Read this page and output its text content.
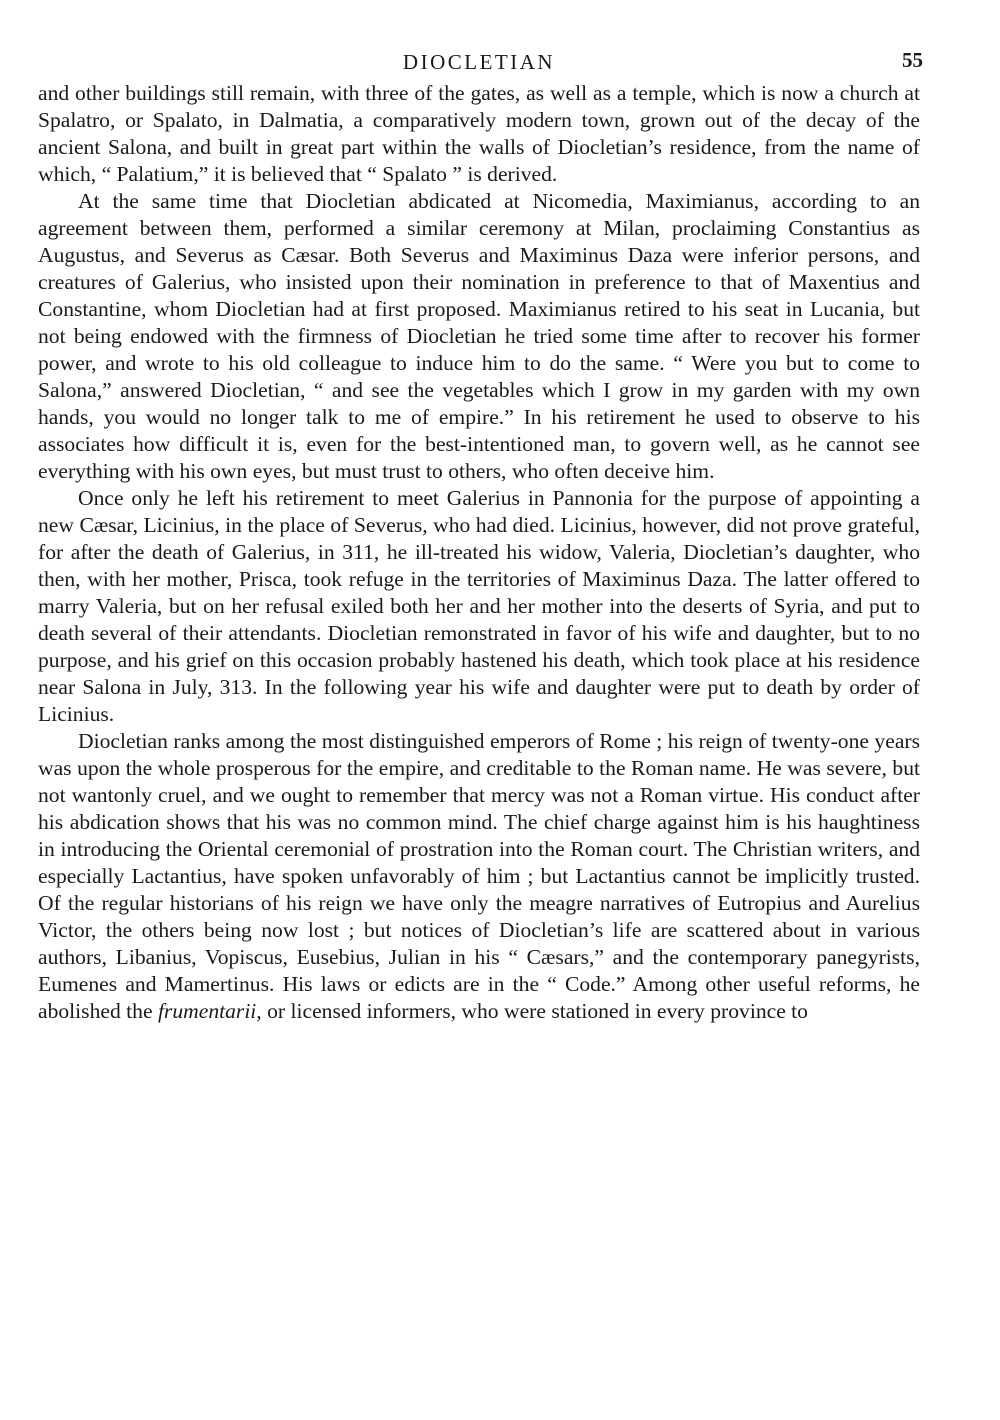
DIOCLETIAN	55

and other buildings still remain, with three of the gates, as well as a temple, which is now a church at Spalatro, or Spalato, in Dalmatia, a comparatively modern town, grown out of the decay of the ancient Salona, and built in great part within the walls of Diocletian’s residence, from the name of which, “ Palatium,” it is believed that “ Spalato ” is derived.

At the same time that Diocletian abdicated at Nicomedia, Maximianus, according to an agreement between them, performed a similar ceremony at Milan, proclaiming Constantius as Augustus, and Severus as Cæsar. Both Severus and Maximinus Daza were inferior persons, and creatures of Galerius, who insisted upon their nomination in preference to that of Maxentius and Constantine, whom Diocletian had at first proposed. Maximianus retired to his seat in Lucania, but not being endowed with the firmness of Diocletian he tried some time after to recover his former power, and wrote to his old colleague to induce him to do the same. “ Were you but to come to Salona,” answered Diocletian, “ and see the vegetables which I grow in my garden with my own hands, you would no longer talk to me of empire.” In his retirement he used to observe to his associates how difficult it is, even for the best-intentioned man, to govern well, as he cannot see everything with his own eyes, but must trust to others, who often deceive him.

Once only he left his retirement to meet Galerius in Pannonia for the purpose of appointing a new Cæsar, Licinius, in the place of Severus, who had died. Licinius, however, did not prove grateful, for after the death of Galerius, in 311, he ill-treated his widow, Valeria, Diocletian’s daughter, who then, with her mother, Prisca, took refuge in the territories of Maximinus Daza. The latter offered to marry Valeria, but on her refusal exiled both her and her mother into the deserts of Syria, and put to death several of their attendants. Diocletian remonstrated in favor of his wife and daughter, but to no purpose, and his grief on this occasion probably hastened his death, which took place at his residence near Salona in July, 313. In the following year his wife and daughter were put to death by order of Licinius.

Diocletian ranks among the most distinguished emperors of Rome ; his reign of twenty-one years was upon the whole prosperous for the empire, and creditable to the Roman name. He was severe, but not wantonly cruel, and we ought to remember that mercy was not a Roman virtue. His conduct after his abdication shows that his was no common mind. The chief charge against him is his haughtiness in introducing the Oriental ceremonial of prostration into the Roman court. The Christian writers, and especially Lactantius, have spoken unfavorably of him ; but Lactantius cannot be implicitly trusted. Of the regular historians of his reign we have only the meagre narratives of Eutropius and Aurelius Victor, the others being now lost ; but notices of Diocletian’s life are scattered about in various authors, Libanius, Vopiscus, Eusebius, Julian in his “ Cæsars,” and the contemporary panegyrists, Eumenes and Mamertinus. His laws or edicts are in the “ Code.” Among other useful reforms, he abolished the frumentarii, or licensed informers, who were stationed in every province to
